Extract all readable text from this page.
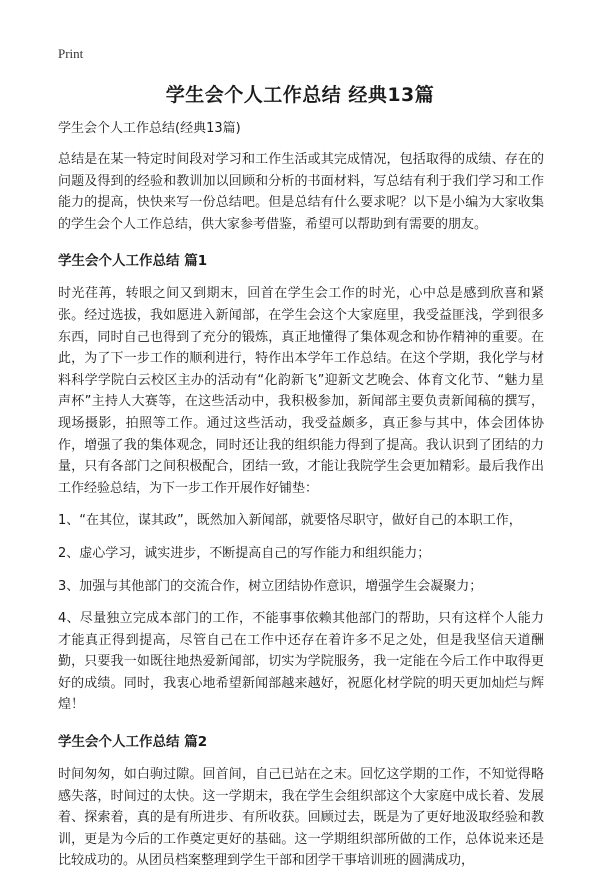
Print
学生会个人工作总结 经典13篇
学生会个人工作总结(经典13篇)

总结是在某一特定时间段对学习和工作生活或其完成情况，包括取得的成绩、存在的问题及得到的经验和教训加以回顾和分析的书面材料，写总结有利于我们学习和工作能力的提高，快快来写一份总结吧。但是总结有什么要求呢？以下是小编为大家收集的学生会个人工作总结，供大家参考借鉴，希望可以帮助到有需要的朋友。

学生会个人工作总结 篇1

时光荏苒，转眼之间又到期末，回首在学生会工作的时光，心中总是感到欣喜和紧张。经过选拔，我如愿进入新闻部，在学生会这个大家庭里，我受益匪浅，学到很多东西，同时自己也得到了充分的锻炼，真正地懂得了集体观念和协作精神的重要。在此，为了下一步工作的顺利进行，特作出本学年工作总结。在这个学期，我化学与材料科学学院白云校区主办的活动有“化韵新飞”迎新文艺晚会、体育文化节、“魅力星声杯”主持人大赛等，在这些活动中，我积极参加，新闻部主要负责新闻稿的撰写，现场摄影，拍照等工作。通过这些活动，我受益颇多，真正参与其中，体会团体协作，增强了我的集体观念，同时还让我的组织能力得到了提高。我认识到了团结的力量，只有各部门之间积极配合，团结一致，才能让我院学生会更加精彩。最后我作出工作经验总结，为下一步工作开展作好铺垫：

1、“在其位，谋其政”，既然加入新闻部，就要恪尽职守，做好自己的本职工作，

2、虚心学习，诚实进步，不断提高自己的写作能力和组织能力；

3、加强与其他部门的交流合作，树立团结协作意识，增强学生会凝聚力；

4、尽量独立完成本部门的工作，不能事事依赖其他部门的帮助，只有这样个人能力才能真正得到提高，尽管自己在工作中还存在着许多不足之处，但是我坚信天道酬勤，只要我一如既往地热爱新闻部，切实为学院服务，我一定能在今后工作中取得更好的成绩。同时，我衷心地希望新闻部越来越好，祝愿化材学院的明天更加灿烂与辉煌！

学生会个人工作总结 篇2

时间匆匆，如白驹过隙。回首间，自己已站在之末。回忆这学期的工作，不知觉得略感失落，时间过的太快。这一学期末，我在学生会组织部这个大家庭中成长着、发展着、探索着，真的是有所进步、有所收获。回顾过去，既是为了更好地汲取经验和教训，更是为今后的工作奠定更好的基础。这一学期组织部所做的工作，总体说来还是比较成功的。从团员档案整理到学生干部和团学干事培训班的圆满成功，
